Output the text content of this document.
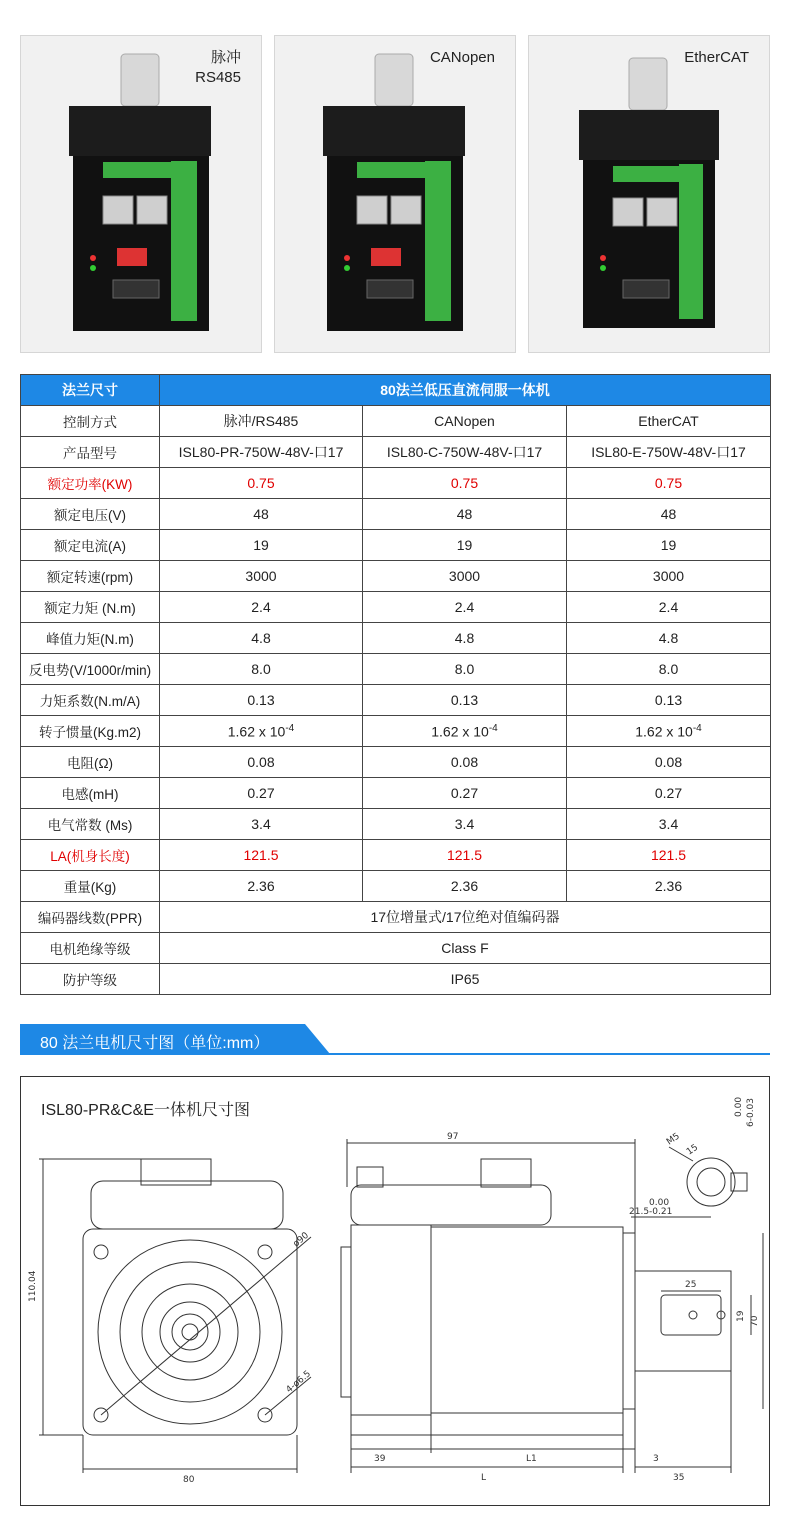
脉冲
RS485
CANopen	EtherCAT
法兰尺寸	80法兰低压直流伺服一体机		
控制方式	脉冲/RS485	CANopen	EtherCAT
产品型号	ISL80-PR-750W-48V-口17	ISL80-C-750W-48V-口17	ISL80-E-750W-48V-口17
额定功率(KW)	0.75	0.75	0.75
额定电压(V)	48	48	48
额定电流(A)	19	19	19
额定转速(rpm)	3000	3000	3000
额定力矩 (N.m)	2.4	2.4	2.4
峰值力矩(N.m)	4.8	4.8	4.8
反电势(V/1000r/min)	8.0	8.0	8.0
力矩系数(N.m/A)	0.13	0.13	0.13
转子惯量(Kg.m2)	1.62 x $10^{-4}$	1.62 x $10^{-4}$	1.62 x $10^{-4}$
电阻(Ω)	0.08	0.08	0.08
电感(mH)	0.27	0.27	0.27
电气常数 (Ms)	3.4	3.4	3.4
LA(机身长度)	121.5	121.5	121.5
重量(Kg)	2.36	2.36	2.36
编码器线数(PPR)	17位增量式/17位绝对值编码器		
电机绝缘等级	Class F		
防护等级	IP65		
80 法兰电机尺寸图（单位:mm）
ISL80-PR&C&E一体机尺寸图
110.04
80
ø90
4-ø6.5
97
39	L1
L
3
35
25
19 70
0.00 6-0.03
0.00
21.5-0.21
M5
15
